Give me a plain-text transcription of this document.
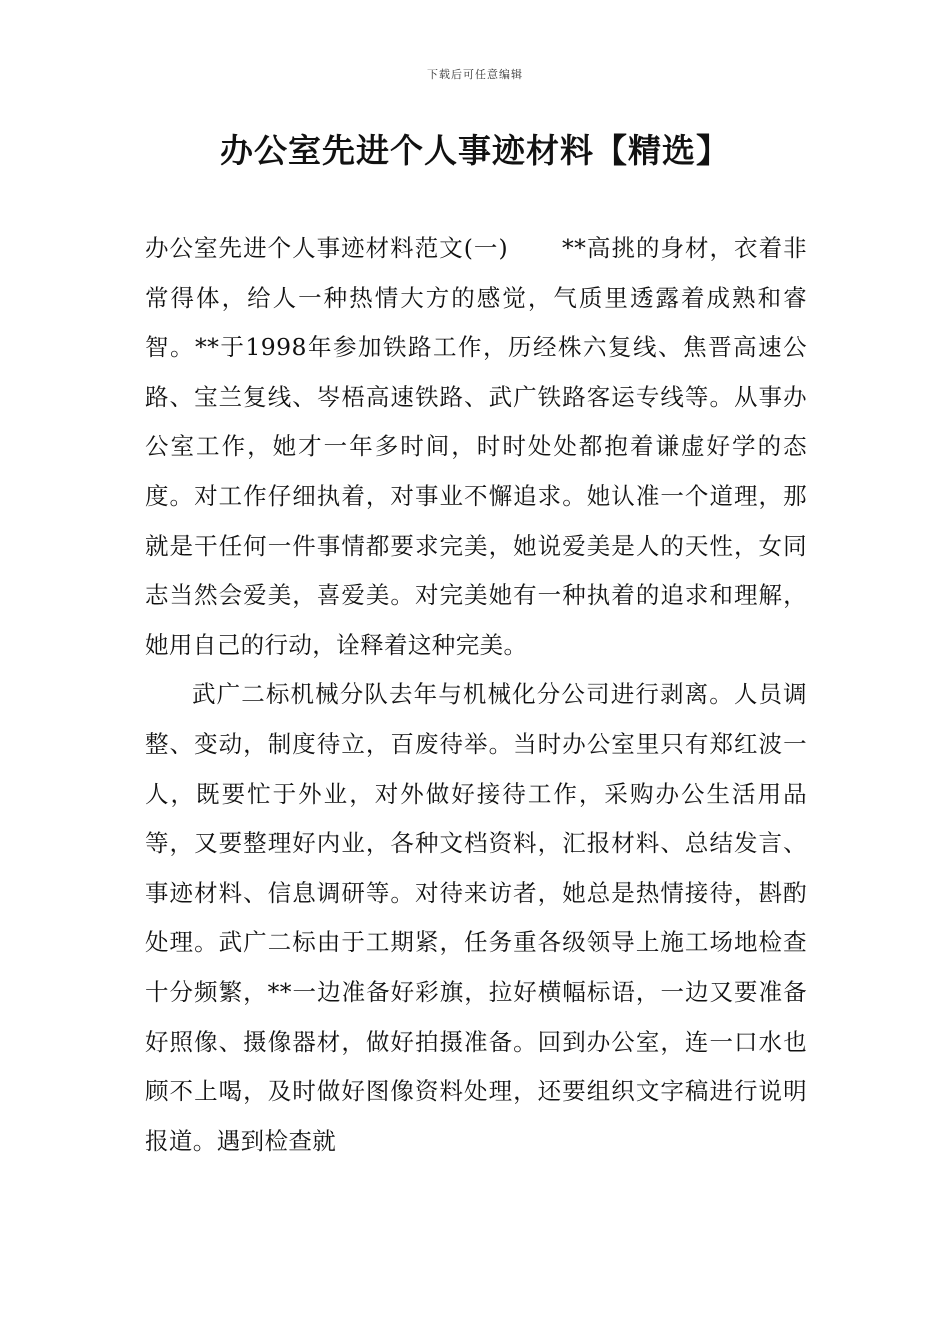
下载后可任意编辑
办公室先进个人事迹材料【精选】

办公室先进个人事迹材料范文(一) **高挑的身材，衣着非常得体，给人一种热情大方的感觉，气质里透露着成熟和睿智。**于1998年参加铁路工作，历经株六复线、焦晋高速公路、宝兰复线、岑梧高速铁路、武广铁路客运专线等。从事办公室工作，她才一年多时间，时时处处都抱着谦虚好学的态度。对工作仔细执着，对事业不懈追求。她认准一个道理，那就是干任何一件事情都要求完美，她说爱美是人的天性，女同志当然会爱美，喜爱美。对完美她有一种执着的追求和理解，她用自己的行动，诠释着这种完美。

武广二标机械分队去年与机械化分公司进行剥离。人员调整、变动，制度待立，百废待举。当时办公室里只有郑红波一人，既要忙于外业，对外做好接待工作，采购办公生活用品等，又要整理好内业，各种文档资料，汇报材料、总结发言、事迹材料、信息调研等。对待来访者，她总是热情接待，斟酌处理。武广二标由于工期紧，任务重各级领导上施工场地检查十分频繁，**一边准备好彩旗，拉好横幅标语，一边又要准备好照像、摄像器材，做好拍摄准备。回到办公室，连一口水也顾不上喝，及时做好图像资料处理，还要组织文字稿进行说明报道。遇到检查就
